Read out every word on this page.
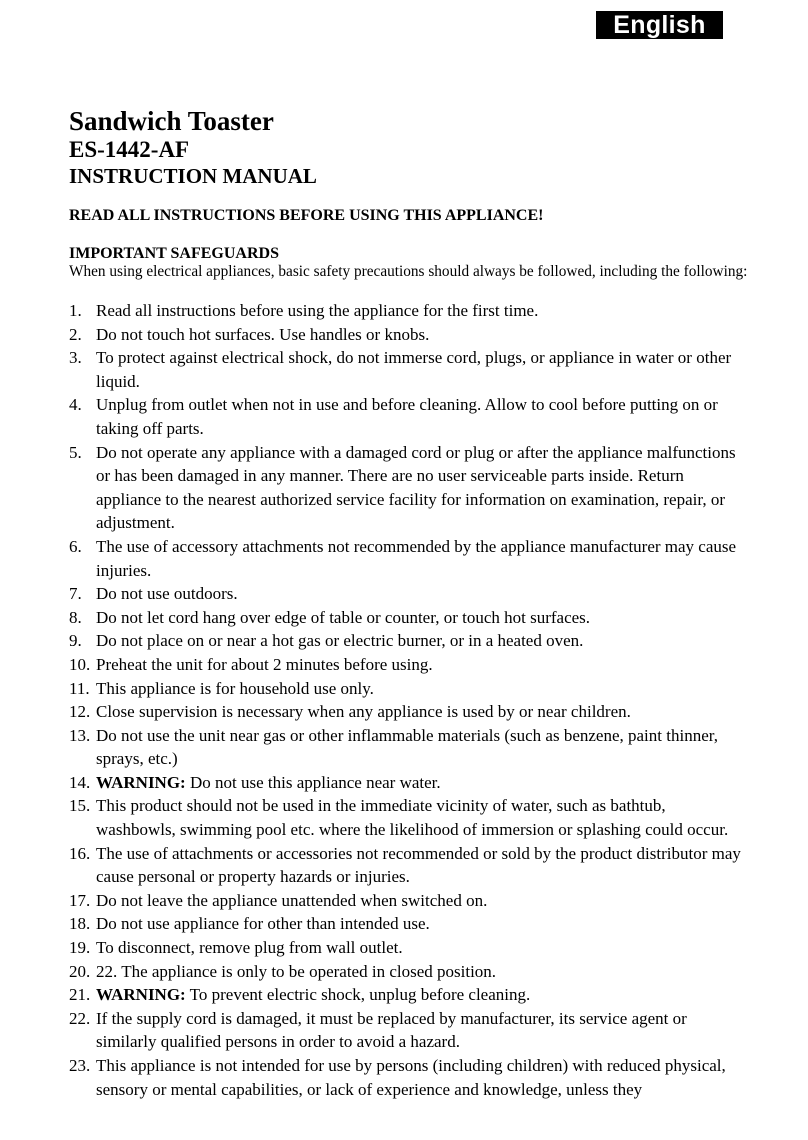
English
Sandwich Toaster
ES-1442-AF
INSTRUCTION MANUAL

READ ALL INSTRUCTIONS BEFORE USING THIS APPLIANCE!

IMPORTANT SAFEGUARDS

When using electrical appliances, basic safety precautions should always be followed, including the following:

1. Read all instructions before using the appliance for the first time.
2. Do not touch hot surfaces. Use handles or knobs.
3. To protect against electrical shock, do not immerse cord, plugs, or appliance in water or other liquid.
4. Unplug from outlet when not in use and before cleaning. Allow to cool before putting on or taking off parts.
5. Do not operate any appliance with a damaged cord or plug or after the appliance malfunctions or has been damaged in any manner. There are no user serviceable parts inside. Return appliance to the nearest authorized service facility for information on examination, repair, or adjustment.
6. The use of accessory attachments not recommended by the appliance manufacturer may cause injuries.
7. Do not use outdoors.
8. Do not let cord hang over edge of table or counter, or touch hot surfaces.
9. Do not place on or near a hot gas or electric burner, or in a heated oven.
10. Preheat the unit for about 2 minutes before using.
11. This appliance is for household use only.
12. Close supervision is necessary when any appliance is used by or near children.
13. Do not use the unit near gas or other inflammable materials (such as benzene, paint thinner, sprays, etc.)
14. WARNING: Do not use this appliance near water.
15. This product should not be used in the immediate vicinity of water, such as bathtub, washbowls, swimming pool etc. where the likelihood of immersion or splashing could occur.
16. The use of attachments or accessories not recommended or sold by the product distributor may cause personal or property hazards or injuries.
17. Do not leave the appliance unattended when switched on.
18. Do not use appliance for other than intended use.
19. To disconnect, remove plug from wall outlet.
20. 22. The appliance is only to be operated in closed position.
21. WARNING: To prevent electric shock, unplug before cleaning.
22. If the supply cord is damaged, it must be replaced by manufacturer, its service agent or similarly qualified persons in order to avoid a hazard.
23. This appliance is not intended for use by persons (including children) with reduced physical, sensory or mental capabilities, or lack of experience and knowledge, unless they
